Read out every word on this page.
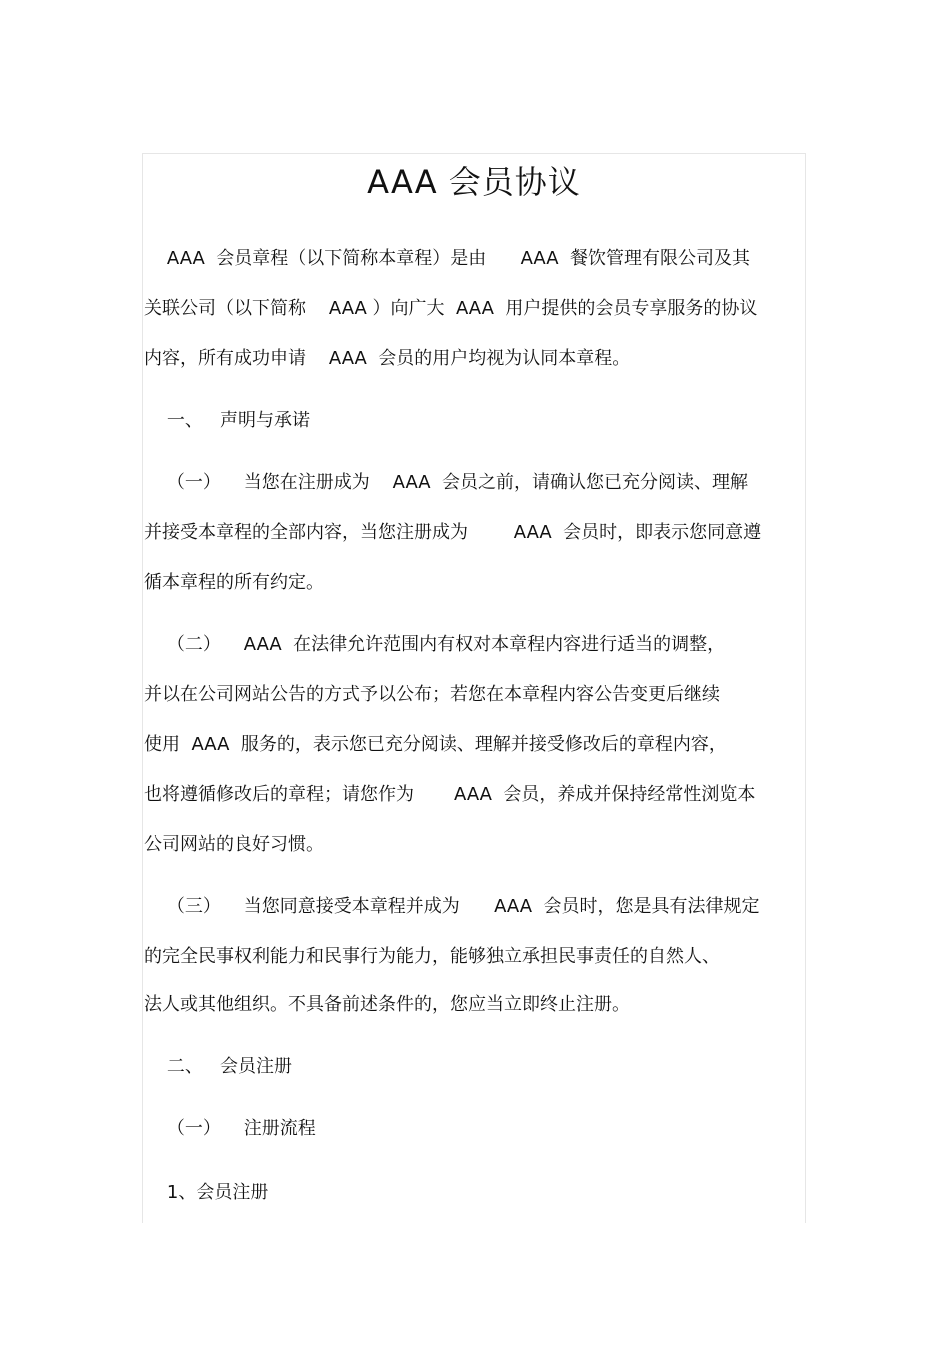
AAA 会员协议

AAA  会员章程（以下简称本章程）是由      AAA  餐饮管理有限公司及其

关联公司（以下简称    AAA ）向广大  AAA  用户提供的会员专享服务的协议

内容，所有成功申请    AAA  会员的用户均视为认同本章程。

一、   声明与承诺

（一）    当您在注册成为    AAA  会员之前，请确认您已充分阅读、理解

并接受本章程的全部内容，当您注册成为        AAA  会员时，即表示您同意遵

循本章程的所有约定。

（二）    AAA  在法律允许范围内有权对本章程内容进行适当的调整，

并以在公司网站公告的方式予以公布；若您在本章程内容公告变更后继续

使用  AAA  服务的，表示您已充分阅读、理解并接受修改后的章程内容，

也将遵循修改后的章程；请您作为       AAA  会员，养成并保持经常性浏览本

公司网站的良好习惯。

（三）    当您同意接受本章程并成为      AAA  会员时，您是具有法律规定

的完全民事权利能力和民事行为能力，能够独立承担民事责任的自然人、

法人或其他组织。不具备前述条件的，您应当立即终止注册。

二、   会员注册

（一）    注册流程

1、会员注册
